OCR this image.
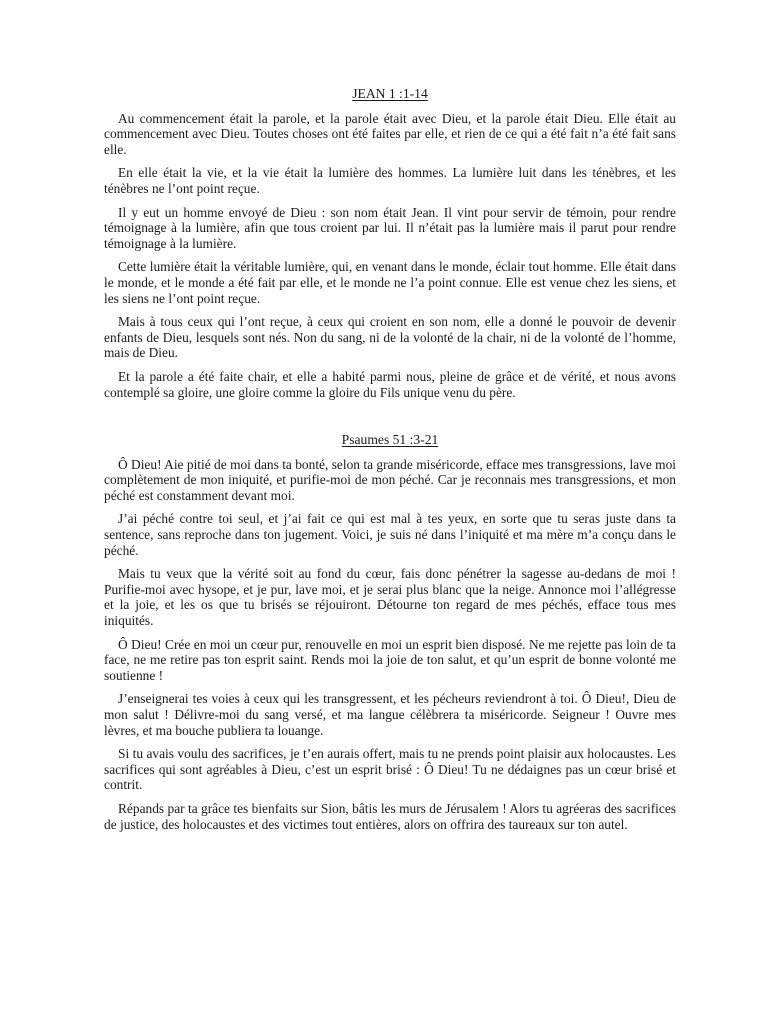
JEAN 1 :1-14

Au commencement était la parole, et la parole était avec Dieu, et la parole était Dieu. Elle était au commencement avec Dieu. Toutes choses ont été faites par elle, et rien de ce qui a été fait n’a été fait sans elle.

En elle était la vie, et la vie était la lumière des hommes. La lumière luit dans les ténèbres, et les ténèbres ne l’ont point reçue.

Il y eut un homme envoyé de Dieu : son nom était Jean. Il vint pour servir de témoin, pour rendre témoignage à la lumière, afin que tous croient par lui. Il n’était pas la lumière mais il parut pour rendre témoignage à la lumière.

Cette lumière était la véritable lumière, qui, en venant dans le monde, éclair tout homme. Elle était dans le monde, et le monde a été fait par elle, et le monde ne l’a point connue. Elle est venue chez les siens, et les siens ne l’ont point reçue.

Mais à tous ceux qui l’ont reçue, à ceux qui croient en son nom, elle a donné le pouvoir de devenir enfants de Dieu, lesquels sont nés. Non du sang, ni de la volonté de la chair, ni de la volonté de l’homme, mais de Dieu.

Et la parole a été faite chair, et elle a habité parmi nous, pleine de grâce et de vérité, et nous avons contemplé sa gloire, une gloire comme la gloire du Fils unique venu du père.

Psaumes 51 :3-21

Ô Dieu! Aie pitié de moi dans ta bonté, selon ta grande miséricorde, efface mes transgressions, lave moi complètement de mon iniquité, et purifie-moi de mon péché. Car je reconnais mes transgressions, et mon péché est constamment devant moi.

J’ai péché contre toi seul, et j’ai fait ce qui est mal à tes yeux, en sorte que tu seras juste dans ta sentence, sans reproche dans ton jugement. Voici, je suis né dans l’iniquité et ma mère m’a conçu dans le péché.

Mais tu veux que la vérité soit au fond du cœur, fais donc pénétrer la sagesse au-dedans de moi ! Purifie-moi avec hysope, et je pur, lave moi, et je serai plus blanc que la neige. Annonce moi l’allégresse et la joie, et les os que tu brisés se réjouiront. Détourne ton regard de mes péchés, efface tous mes iniquités.

Ô Dieu! Crée en moi un cœur pur, renouvelle en moi un esprit bien disposé. Ne me rejette pas loin de ta face, ne me retire pas ton esprit saint. Rends moi la joie de ton salut, et qu’un esprit de bonne volonté me soutienne !

J’enseignerai tes voies à ceux qui les transgressent, et les pécheurs reviendront à toi. Ô Dieu!, Dieu de mon salut ! Délivre-moi du sang versé, et ma langue célèbrera ta miséricorde. Seigneur ! Ouvre mes lèvres, et ma bouche publiera ta louange.

Si tu avais voulu des sacrifices, je t’en aurais offert, mais tu ne prends point plaisir aux holocaustes. Les sacrifices qui sont agréables à Dieu, c’est un esprit brisé : Ô Dieu! Tu ne dédaignes pas un cœur brisé et contrit.

Répands par ta grâce tes bienfaits sur Sion, bâtis les murs de Jérusalem ! Alors tu agréeras des sacrifices de justice, des holocaustes et des victimes tout entières, alors on offrira des taureaux sur ton autel.
